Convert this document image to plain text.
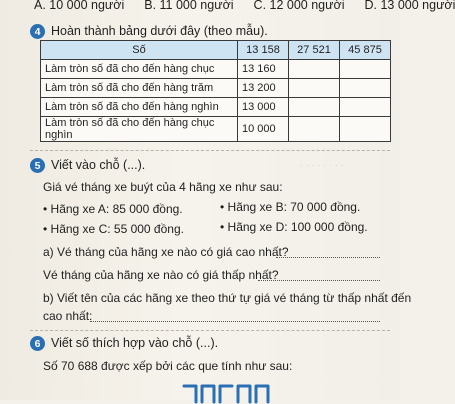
A. 10 000 người B. 11 000 người C. 12 000 người D. 13 000 người
4 Hoàn thành bảng dưới đây (theo mẫu).
Số	13 158	27 521	45 875
Làm tròn số đã cho đến hàng chục	13 160		
Làm tròn số đã cho đến hàng trăm	13 200		
Làm tròn số đã cho đến hàng nghìn	13 000		
Làm tròn số đã cho đến hàng chục nghìn	10 000		
· · · · · · · ·
5 Viết vào chỗ (...).
Giá vé tháng xe buýt của 4 hãng xe như sau:
• Hãng xe A: 85 000 đồng.	• Hãng xe B: 70 000 đồng.
• Hãng xe C: 55 000 đồng.	• Hãng xe D: 100 000 đồng.
a) Vé tháng của hãng xe nào có giá cao nhất?
Vé tháng của hãng xe nào có giá thấp nhất?
b) Viết tên của các hãng xe theo thứ tự giá vé tháng từ thấp nhất đến
cao nhất:
6 Viết số thích hợp vào chỗ (...).
Số 70 688 được xếp bởi các que tính như sau:
